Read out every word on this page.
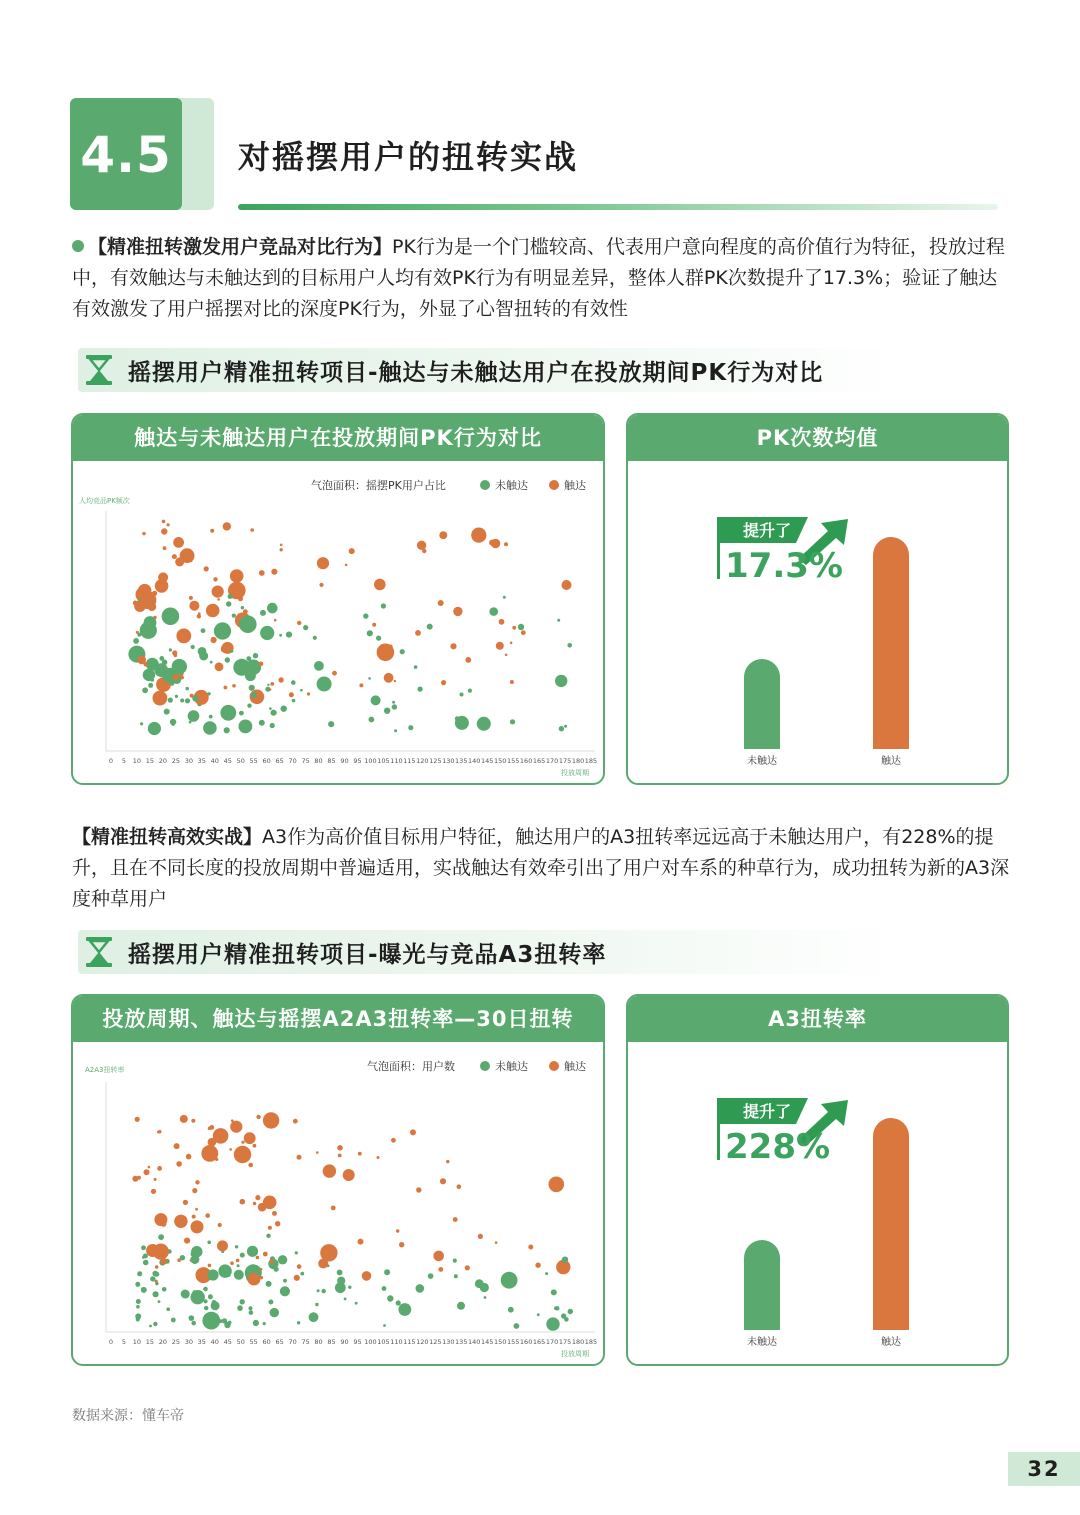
4.5	对摇摆用户的扭转实战
【精准扭转激发用户竞品对比行为】PK行为是一个门槛较高、代表用户意向程度的高价值行为特征，投放过程中，有效触达与未触达到的目标用户人均有效PK行为有明显差异，整体人群PK次数提升了17.3%；验证了触达有效激发了用户摇摆对比的深度PK行为，外显了心智扭转的有效性
摇摆用户精准扭转项目-触达与未触达用户在投放期间PK行为对比
触达与未触达用户在投放期间PK行为对比
气泡面积：摇摆PK用户占比	未触达	触达
人均竞品PK频次
0 5 10 15 20 25 30 35 40 45 50 55 60 65 70 75 80 85 90 95 100 105 110 115 120 125 130 135 140 145 150 155 160 165 170 175 180 185
投放周期
PK次数均值
提升了
17.3%
未触达	触达
【精准扭转高效实战】A3作为高价值目标用户特征，触达用户的A3扭转率远远高于未触达用户，有228%的提升，且在不同长度的投放周期中普遍适用，实战触达有效牵引出了用户对车系的种草行为，成功扭转为新的A3深度种草用户
摇摆用户精准扭转项目-曝光与竞品A3扭转率
投放周期、触达与摇摆A2A3扭转率—30日扭转
气泡面积：用户数	未触达	触达
A2A3扭转率
0 5 10 15 20 25 30 35 40 45 50 55 60 65 70 75 80 85 90 95 100 105 110 115 120 125 130 135 140 145 150 155 160 165 170 175 180 185
投放周期
A3扭转率
提升了
228%
未触达	触达
数据来源：懂车帝
32
